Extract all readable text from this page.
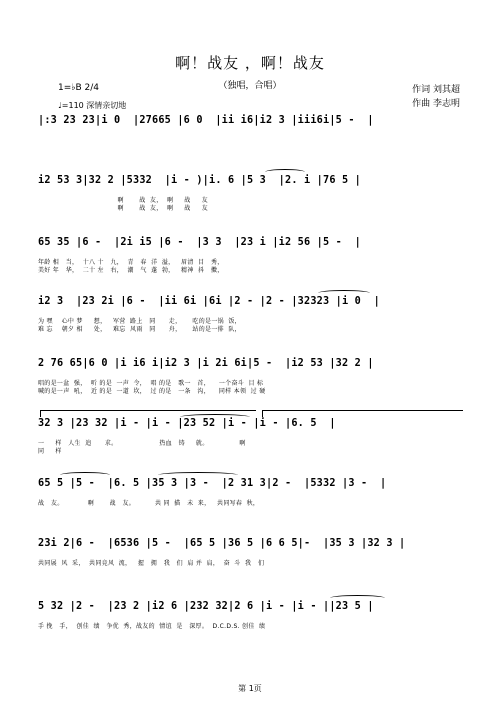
啊！战友 ，啊！战友
（独唱，合唱）	作词 刘其超
作曲 李志明
1=♭B 2/4
♩=110 深情亲切地
|:3 23 23|i 0  |27665 |6 0  |ii i6|i2 3 |iii6i|5 -  |
i2 53 3|32 2 |5332  |i - )|i. 6 |5 3  |2. i |76 5 |
啊       战  友，  啊     战     友
啊       战  友，  啊     战     友
65 35 |6 -  |2i i5 |6 -  |3 3  |23 i |i2 56 |5 -  |
年龄 相   当，  十八 十   九，  青   春  洋  溢，   眉清  目   秀，
美好 年   华，  二十 左   右，  潮   气  蓬  勃，   精神  抖   擞，
i2 3  |23 2i |6 -  |ii 6i |6i |2 - |2 - |32323 |i 0  |
为 嘿    心中 梦     想，   军营  路上   同      走，     吃的是一锅  饭，
难 忘    朝夕 相     处，   难忘  风雨   同      舟，     站的是一排  队，
2 76 65|6 0 |i i6 i|i2 3 |i 2i 6i|5 -  |i2 53 |32 2 |
唱的是一盆  强，  听 的是  一声  令，  唱 的是   歌一   首，    一个奋斗  目 标
喊的是一声  吼，  近 的是  一道  坎，  过 的是   一条   沟，    同样 本领  过 硬
32 3 |23 32 |i - |i - |23 52 |i - |i - |6. 5  |
一     样   人生  追      求。                   热血   铸     就。              啊
同     样
65 5 |5 -  |6. 5 |35 3 |3 -  |2 31 3|2 -  |5332 |3 -  |
战   友。           啊       战   友。         共 同  描   未  来，   共同写春  秋，
23i 2|6 -  |6536 |5 -  |65 5 |36 5 |6 6 5|-  |35 3 |32 3 |
共同展  风  采，  共同竞风  流，   握   拥   我   们  肩 并  肩，  奋  斗  我   们
5 32 |2 -  |23 2 |i2 6 |232 32|2 6 |i - |i - ||23 5 |
手 挽   手，  创佳  绩   争优  秀，战友的  情谊  是   深厚。  D.C.D.S. 创佳  绩
第 1页
